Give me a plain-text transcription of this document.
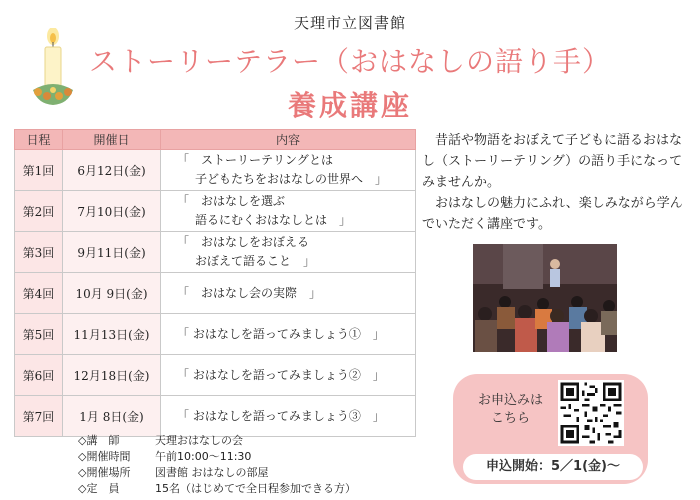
天理市立図書館
ストーリーテラー（おはなしの語り手）
養成講座
日程	開催日	内容
第1回	6月12日(金)	「　ストーリーテリングとは
子どもたちをおはなしの世界へ　」

第2回	7月10日(金)	「　おはなしを選ぶ
語るにむくおはなしとは　」

第3回	9月11日(金)	「　おはなしをおぼえる
おぼえて語ること　」

第4回	10月 9日(金)	「　おはなし会の実際　」
第5回	11月13日(金)	「 おはなしを語ってみましょう①　」
第6回	12月18日(金)	「 おはなしを語ってみましょう②　」
第7回	1月 8日(金)	「 おはなしを語ってみましょう③　」

昔話や物語をおぼえて子どもに語るおはなし（ストーリーテリング）の語り手になってみませんか。

おはなしの魅力にふれ、楽しみながら学んでいただく講座です。

お申込みは
こちら
申込開始：5／1(金)～
◇講　師	天理おはなしの会
◇開催時間	午前10:00～11:30
◇開催場所	図書館 おはなしの部屋
◇定　員	15名（はじめてで全日程参加できる方）
